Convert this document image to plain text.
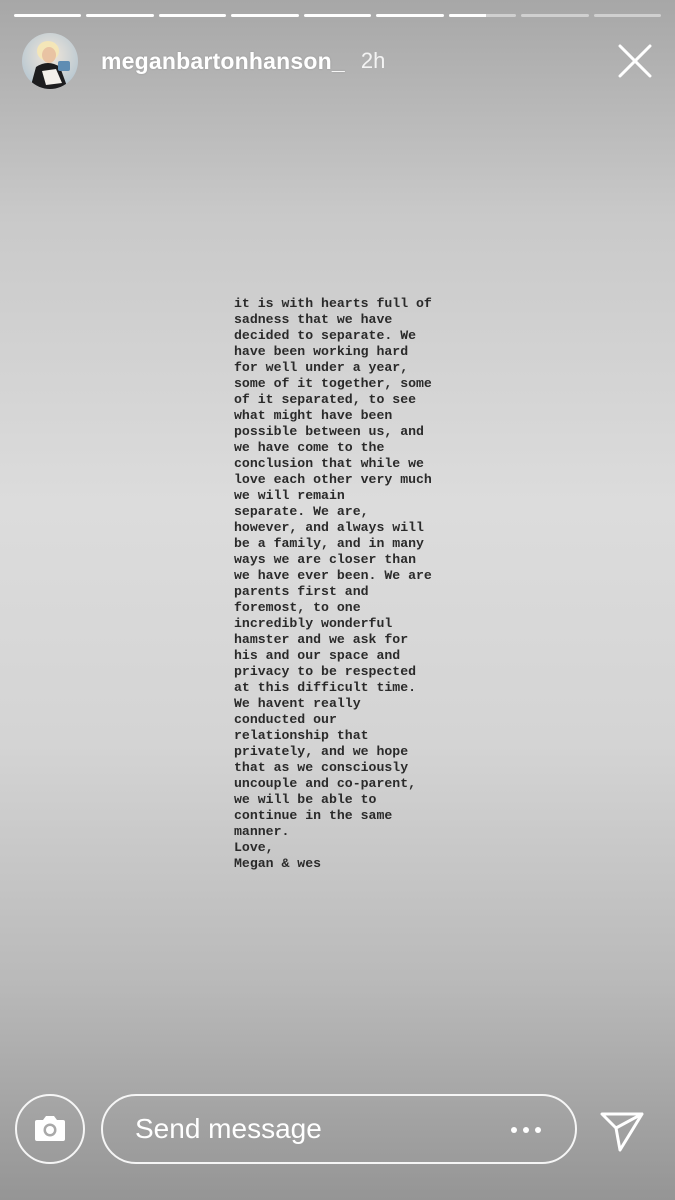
meganbartonhanson_ 2h
it is with hearts full of
sadness that we have
decided to separate. We
have been working hard
for well under a year,
some of it together, some
of it separated, to see
what might have been
possible between us, and
we have come to the
conclusion that while we
love each other very much
we will remain
separate. We are,
however, and always will
be a family, and in many
ways we are closer than
we have ever been. We are
parents first and
foremost, to one
incredibly wonderful
hamster and we ask for
his and our space and
privacy to be respected
at this difficult time.
We havent really
conducted our
relationship that
privately, and we hope
that as we consciously
uncouple and co-parent,
we will be able to
continue in the same
manner.
Love,
Megan & wes
Send message
